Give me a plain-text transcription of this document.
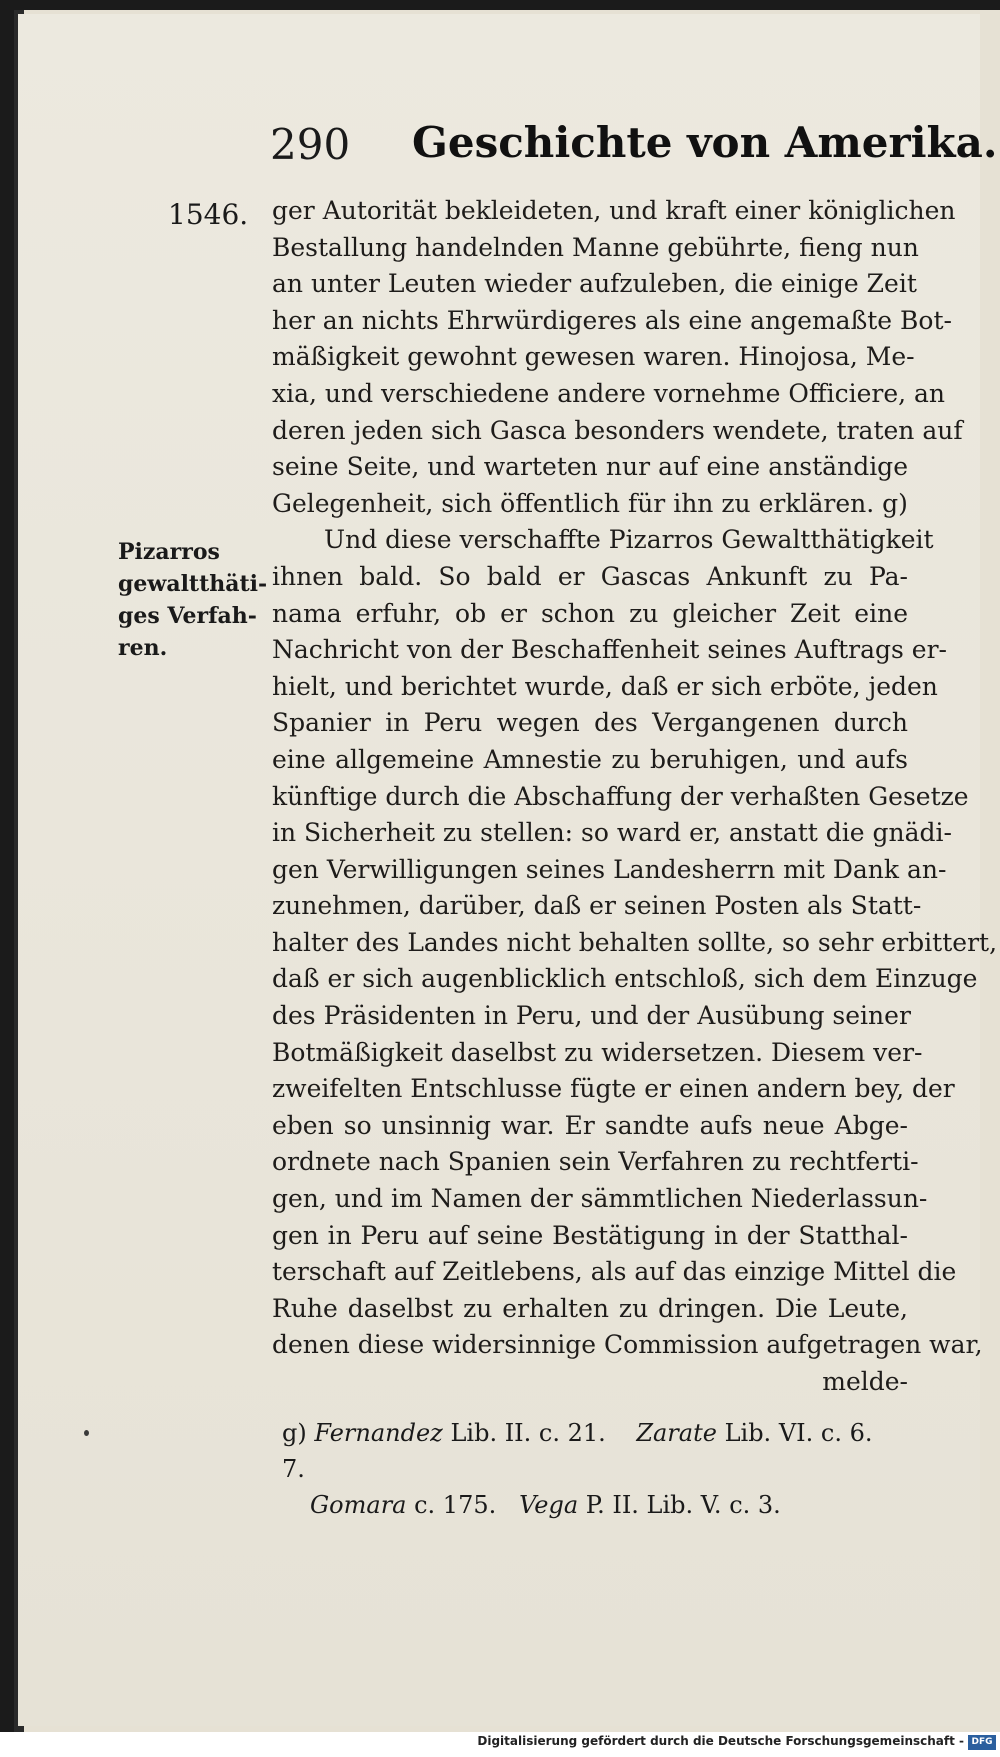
290 Geschichte von Amerika.
1546.
Pizarros
gewaltthäti-
ges Verfah-
ren.
ger Autorität bekleideten, und kraft einer königlichen
Bestallung handelnden Manne gebührte, fieng nun
an unter Leuten wieder aufzuleben, die einige Zeit
her an nichts Ehrwürdigeres als eine angemaßte Bot-
mäßigkeit gewohnt gewesen waren. Hinojosa, Me-
xia, und verschiedene andere vornehme Officiere, an
deren jeden sich Gasca besonders wendete, traten auf
seine Seite, und warteten nur auf eine anständige
Gelegenheit, sich öffentlich für ihn zu erklären. g)
Und diese verschaffte Pizarros Gewaltthätigkeit
ihnen bald. So bald er Gascas Ankunft zu Pa-
nama erfuhr, ob er schon zu gleicher Zeit eine
Nachricht von der Beschaffenheit seines Auftrags er-
hielt, und berichtet wurde, daß er sich erböte, jeden
Spanier in Peru wegen des Vergangenen durch
eine allgemeine Amnestie zu beruhigen, und aufs
künftige durch die Abschaffung der verhaßten Gesetze
in Sicherheit zu stellen: so ward er, anstatt die gnädi-
gen Verwilligungen seines Landesherrn mit Dank an-
zunehmen, darüber, daß er seinen Posten als Statt-
halter des Landes nicht behalten sollte, so sehr erbittert,
daß er sich augenblicklich entschloß, sich dem Einzuge
des Präsidenten in Peru, und der Ausübung seiner
Botmäßigkeit daselbst zu widersetzen. Diesem ver-
zweifelten Entschlusse fügte er einen andern bey, der
eben so unsinnig war. Er sandte aufs neue Abge-
ordnete nach Spanien sein Verfahren zu rechtferti-
gen, und im Namen der sämmtlichen Niederlassun-
gen in Peru auf seine Bestätigung in der Statthal-
terschaft auf Zeitlebens, als auf das einzige Mittel die
Ruhe daselbst zu erhalten zu dringen. Die Leute,
denen diese widersinnige Commission aufgetragen war,
melde-
g) Fernandez Lib. II. c. 21. Zarate Lib. VI. c. 6. 7.
Gomara c. 175. Vega P. II. Lib. V. c. 3.
Digitalisierung gefördert durch die Deutsche Forschungsgemeinschaft - DFG
